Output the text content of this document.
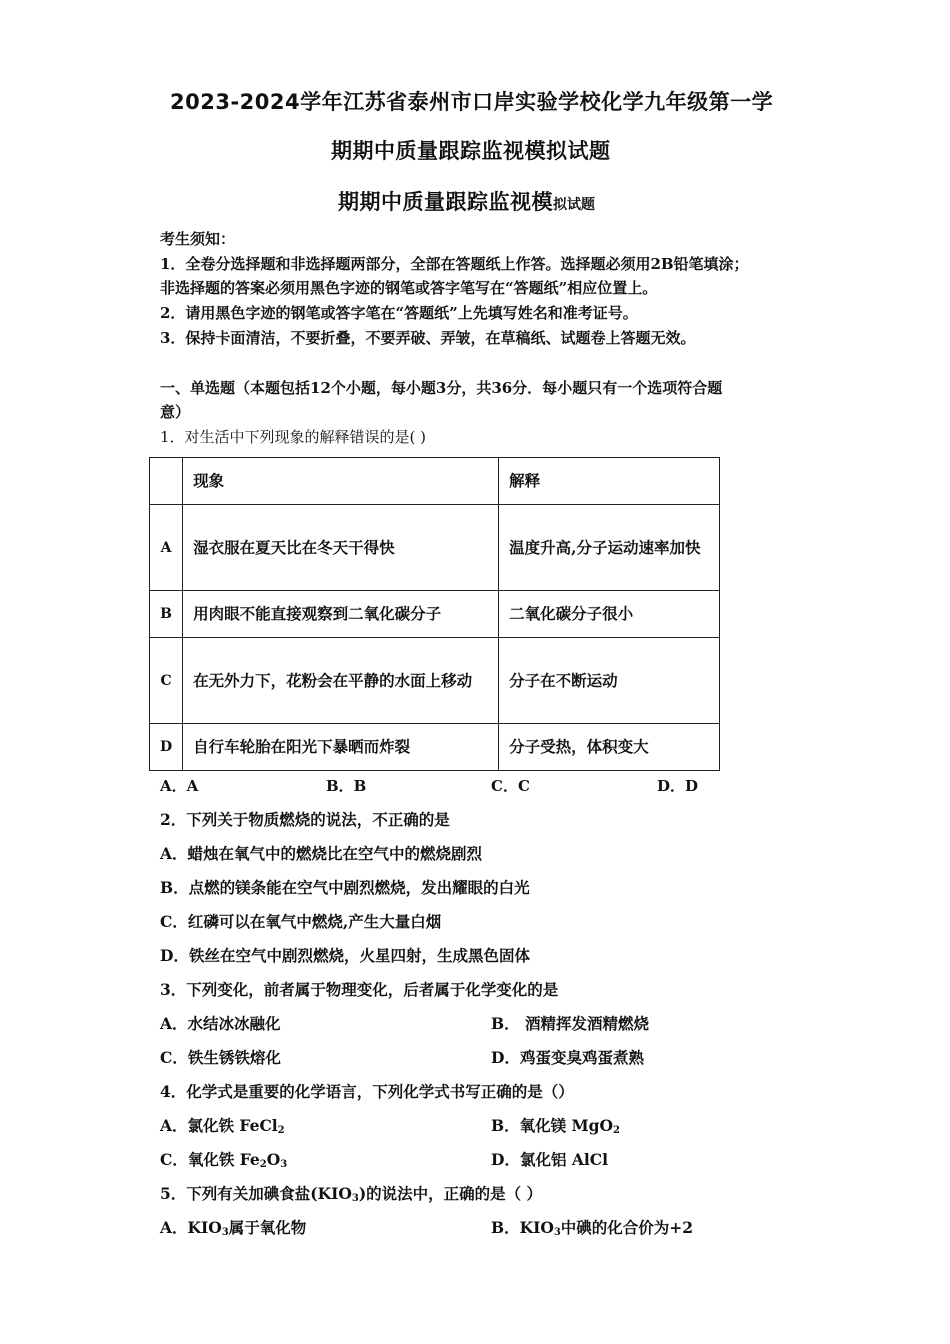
2023-2024学年江苏省泰州市口岸实验学校化学九年级第一学
期期中质量跟踪监视模拟试题
期期中质量跟踪监视模拟试题
考生须知：
1．全卷分选择题和非选择题两部分，全部在答题纸上作答。选择题必须用2B铅笔填涂；
非选择题的答案必须用黑色字迹的钢笔或答字笔写在“答题纸”相应位置上。
2．请用黑色字迹的钢笔或答字笔在“答题纸”上先填写姓名和准考证号。
3．保持卡面清洁，不要折叠，不要弄破、弄皱，在草稿纸、试题卷上答题无效。
一、单选题（本题包括12个小题，每小题3分，共36分．每小题只有一个选项符合题
意）
1．对生活中下列现象的解释错误的是( )
	现象	解释
A	湿衣服在夏天比在冬天干得快	温度升高,分子运动速率加快
B	用肉眼不能直接观察到二氧化碳分子	二氧化碳分子很小
C	在无外力下，花粉会在平静的水面上移动	分子在不断运动
D	自行车轮胎在阳光下暴晒而炸裂	分子受热，体积变大
A．A	B．B	C．C	D．D
2．下列关于物质燃烧的说法，不正确的是
A．蜡烛在氧气中的燃烧比在空气中的燃烧剧烈
B．点燃的镁条能在空气中剧烈燃烧，发出耀眼的白光
C．红磷可以在氧气中燃烧,产生大量白烟
D．铁丝在空气中剧烈燃烧，火星四射，生成黑色固体
3．下列变化，前者属于物理变化，后者属于化学变化的是
A．水结冰冰融化	B． 酒精挥发酒精燃烧
C．铁生锈铁熔化	D．鸡蛋变臭鸡蛋煮熟
4．化学式是重要的化学语言，下列化学式书写正确的是（）
A．氯化铁 FeCl$_2$	B．氧化镁 MgO$_2$
C．氧化铁 $Fe_2O_3$	D．氯化铝 AlCl
5．下列有关加碘食盐$(KIO_3)$的说法中，正确的是（ ）
A．$KIO_3$属于氧化物	B．$KIO_3$中碘的化合价为+2
